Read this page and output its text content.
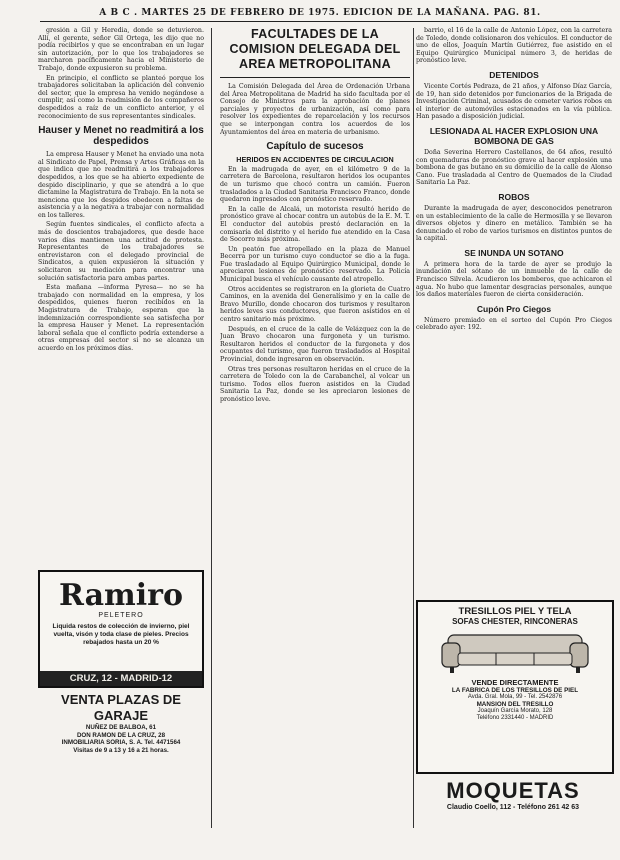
A B C . MARTES 25 DE FEBRERO DE 1975. EDICION DE LA MAÑANA. PAG. 81.

gresión a Gil y Heredia, donde se detuvieron. Allí, el gerente, señor Gil Ortega, les dijo que no podía recibirlos y que se encontraban en un lugar sin autorización, por lo que los trabajadores se marcharon pacíficamente hacia el Ministerio de Trabajo, donde expusieron su problema.

En principio, el conflicto se planteó porque los trabajadores solicitaban la aplicación del convenio del sector, que la empresa ha venido negándose a cumplir, así como la readmisión de los compañeros despedidos a raíz de un conflicto anterior, y el reconocimiento de sus representantes sindicales.

Hauser y Menet no readmitirá a los despedidos

La empresa Hauser y Menet ha enviado una nota al Sindicato de Papel, Prensa y Artes Gráficas en la que indica que no readmitirá a los trabajadores despedidos, a los que se ha abierto expediente de despido disciplinario, y que se atendrá a lo que dictamine la Magistratura de Trabajo. En la nota se menciona que los despidos obedecen a faltas de asistencia y a la negativa a trabajar con normalidad en los talleres.

Según fuentes sindicales, el conflicto afecta a más de doscientos trabajadores, que desde hace varios días mantienen una actitud de protesta. Representantes de los trabajadores se entrevistaron con el delegado provincial de Sindicatos, a quien expusieron la situación y solicitaron su mediación para encontrar una solución satisfactoria para ambas partes.

Esta mañana —informa Pyresa— no se ha trabajado con normalidad en la empresa, y los despedidos, quienes fueron recibidos en la Magistratura de Trabajo, esperan que la indemnización correspondiente sea satisfecha por la empresa Hauser y Menet. La representación laboral señala que el conflicto podría extenderse a otras empresas del sector si no se alcanza un acuerdo en los próximos días.

Ramiro
PELETERO
Liquida restos de colección de invierno, piel vuelta, visón y toda clase de pieles. Precios rebajados hasta un 20 %
CRUZ, 12 - MADRID-12
VENTA PLAZAS DE GARAJE
NUÑEZ DE BALBOA, 61
DON RAMON DE LA CRUZ, 28
INMOBILIARIA SORIA, S. A. Tel. 4471564
Visitas de 9 a 13 y 16 a 21 horas.
FACULTADES DE LA COMISION DELEGADA DEL AREA METROPOLITANA

La Comisión Delegada del Área de Ordenación Urbana del Área Metropolitana de Madrid ha sido facultada por el Consejo de Ministros para la aprobación de planes parciales y proyectos de urbanización, así como para resolver los expedientes de reparcelación y los recursos que se interpongan contra los acuerdos de los Ayuntamientos del área en materia de urbanismo.

Capítulo de sucesos
HERIDOS EN ACCIDENTES DE CIRCULACION

En la madrugada de ayer, en el kilómetro 9 de la carretera de Barcelona, resultaron heridos los ocupantes de un turismo que chocó contra un camión. Fueron trasladados a la Ciudad Sanitaria Francisco Franco, donde quedaron ingresados con pronóstico reservado.

En la calle de Alcalá, un motorista resultó herido de pronóstico grave al chocar contra un autobús de la E. M. T. El conductor del autobús prestó declaración en la comisaría del distrito y el herido fue atendido en la Casa de Socorro más próxima.

Un peatón fue atropellado en la plaza de Manuel Becerra por un turismo cuyo conductor se dio a la fuga. Fue trasladado al Equipo Quirúrgico Municipal, donde le apreciaron lesiones de pronóstico reservado. La Policía Municipal busca el vehículo causante del atropello.

Otros accidentes se registraron en la glorieta de Cuatro Caminos, en la avenida del Generalísimo y en la calle de Bravo Murillo, donde chocaron dos turismos y resultaron heridos leves sus conductores, que fueron asistidos en el centro sanitario más próximo.

Después, en el cruce de la calle de Velázquez con la de Juan Bravo chocaron una furgoneta y un turismo. Resultaron heridos el conductor de la furgoneta y dos ocupantes del turismo, que fueron trasladados al Hospital Provincial, donde ingresaron en observación.

Otras tres personas resultaron heridas en el cruce de la carretera de Toledo con la de Carabanchel, al volcar un turismo. Todos ellos fueron asistidos en la Ciudad Sanitaria La Paz, donde se les apreciaron lesiones de pronóstico leve.

barrio, el 16 de la calle de Antonio López, con la carretera de Toledo, donde colisionaron dos vehículos. El conductor de uno de ellos, Joaquín Martín Gutiérrez, fue asistido en el Equipo Quirúrgico Municipal número 3, de heridas de pronóstico leve.

DETENIDOS

Vicente Cortés Pedraza, de 21 años, y Alfonso Díaz García, de 19, han sido detenidos por funcionarios de la Brigada de Investigación Criminal, acusados de cometer varios robos en el interior de automóviles estacionados en la vía pública. Han pasado a disposición judicial.

LESIONADA AL HACER EXPLOSION UNA BOMBONA DE GAS

Doña Severina Herrero Castellanos, de 64 años, resultó con quemaduras de pronóstico grave al hacer explosión una bombona de gas butano en su domicilio de la calle de Alonso Cano. Fue trasladada al Centro de Quemados de la Ciudad Sanitaria La Paz.

ROBOS

Durante la madrugada de ayer, desconocidos penetraron en un establecimiento de la calle de Hermosilla y se llevaron diversos objetos y dinero en metálico. También se ha denunciado el robo de varios turismos en distintos puntos de la capital.

SE INUNDA UN SOTANO

A primera hora de la tarde de ayer se produjo la inundación del sótano de un inmueble de la calle de Francisco Silvela. Acudieron los bomberos, que achicaron el agua. No hubo que lamentar desgracias personales, aunque los daños materiales fueron de cierta consideración.

Cupón Pro Ciegos

Número premiado en el sorteo del Cupón Pro Ciegos celebrado ayer: 192.

TRESILLOS PIEL Y TELA
SOFAS CHESTER, RINCONERAS
VENDE DIRECTAMENTE
LA FABRICA DE LOS TRESILLOS DE PIEL
Avda. Gral. Mola, 99 - Tel. 2542876
MANSION DEL TRESILLO
Joaquín García Morato, 128
Teléfono 2331440 - MADRID
MOQUETAS
Claudio Coello, 112 - Teléfono 261 42 63
